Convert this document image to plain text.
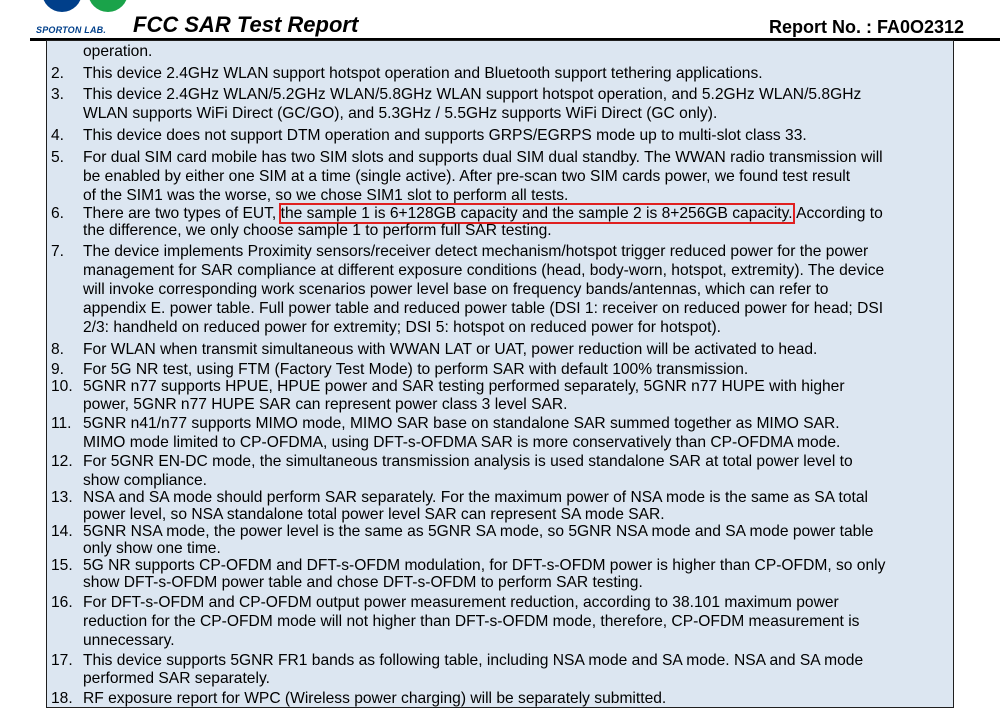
SPORTON LAB. FCC SAR Test Report	Report No. : FA0O2312
operation.
2. This device 2.4GHz WLAN support hotspot operation and Bluetooth support tethering applications.
3. This device 2.4GHz WLAN/5.2GHz WLAN/5.8GHz WLAN support hotspot operation, and 5.2GHz WLAN/5.8GHz
WLAN supports WiFi Direct (GC/GO), and 5.3GHz / 5.5GHz supports WiFi Direct (GC only).
4. This device does not support DTM operation and supports GRPS/EGRPS mode up to multi-slot class 33.
5. For dual SIM card mobile has two SIM slots and supports dual SIM dual standby. The WWAN radio transmission will
be enabled by either one SIM at a time (single active). After pre-scan two SIM cards power, we found test result
of the SIM1 was the worse, so we chose SIM1 slot to perform all tests.
6. There are two types of EUT, the sample 1 is 6+128GB capacity and the sample 2 is 8+256GB capacity. According to
the difference, we only choose sample 1 to perform full SAR testing.
7. The device implements Proximity sensors/receiver detect mechanism/hotspot trigger reduced power for the power
management for SAR compliance at different exposure conditions (head, body-worn, hotspot, extremity). The device
will invoke corresponding work scenarios power level base on frequency bands/antennas, which can refer to
appendix E. power table. Full power table and reduced power table (DSI 1: receiver on reduced power for head; DSI
2/3: handheld on reduced power for extremity; DSI 5: hotspot on reduced power for hotspot).
8. For WLAN when transmit simultaneous with WWAN LAT or UAT, power reduction will be activated to head.
9. For 5G NR test, using FTM (Factory Test Mode) to perform SAR with default 100% transmission.
10. 5GNR n77 supports HPUE, HPUE power and SAR testing performed separately, 5GNR n77 HUPE with higher
power, 5GNR n77 HUPE SAR can represent power class 3 level SAR.
11. 5GNR n41/n77 supports MIMO mode, MIMO SAR base on standalone SAR summed together as MIMO SAR.
MIMO mode limited to CP-OFDMA, using DFT-s-OFDMA SAR is more conservatively than CP-OFDMA mode.
12. For 5GNR EN-DC mode, the simultaneous transmission analysis is used standalone SAR at total power level to
show compliance.
13. NSA and SA mode should perform SAR separately. For the maximum power of NSA mode is the same as SA total
power level, so NSA standalone total power level SAR can represent SA mode SAR.
14. 5GNR NSA mode, the power level is the same as 5GNR SA mode, so 5GNR NSA mode and SA mode power table
only show one time.
15. 5G NR supports CP-OFDM and DFT-s-OFDM modulation, for DFT-s-OFDM power is higher than CP-OFDM, so only
show DFT-s-OFDM power table and chose DFT-s-OFDM to perform SAR testing.
16. For DFT-s-OFDM and CP-OFDM output power measurement reduction, according to 38.101 maximum power
reduction for the CP-OFDM mode will not higher than DFT-s-OFDM mode, therefore, CP-OFDM measurement is
unnecessary.
17. This device supports 5GNR FR1 bands as following table, including NSA mode and SA mode. NSA and SA mode
performed SAR separately.
18. RF exposure report for WPC (Wireless power charging) will be separately submitted.
